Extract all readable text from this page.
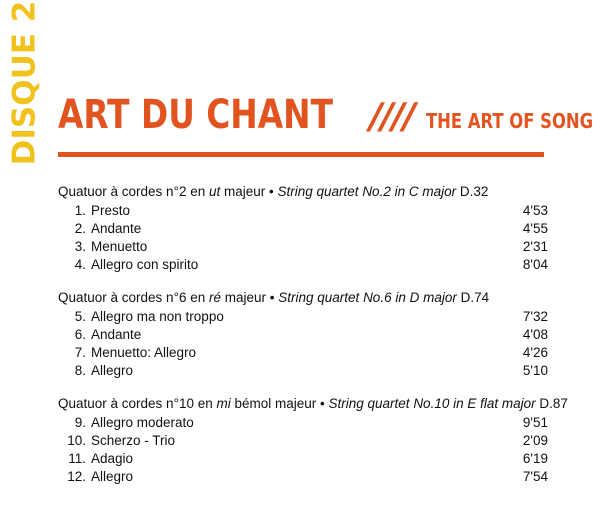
DISQUE 2 ART DU CHANT //// THE ART OF SONG
Quatuor à cordes n°2 en ut majeur • String quartet No.2 in C major D.32
1. Presto	4'53
2. Andante	4'55
3. Menuetto	2'31
4. Allegro con spirito	8'04
Quatuor à cordes n°6 en ré majeur • String quartet No.6 in D major D.74
5. Allegro ma non troppo	7'32
6. Andante	4'08
7. Menuetto: Allegro	4'26
8. Allegro	5'10
Quatuor à cordes n°10 en mi bémol majeur • String quartet No.10 in E flat major D.87
9. Allegro moderato	9'51
10. Scherzo - Trio	2'09
11. Adagio	6'19
12. Allegro	7'54
